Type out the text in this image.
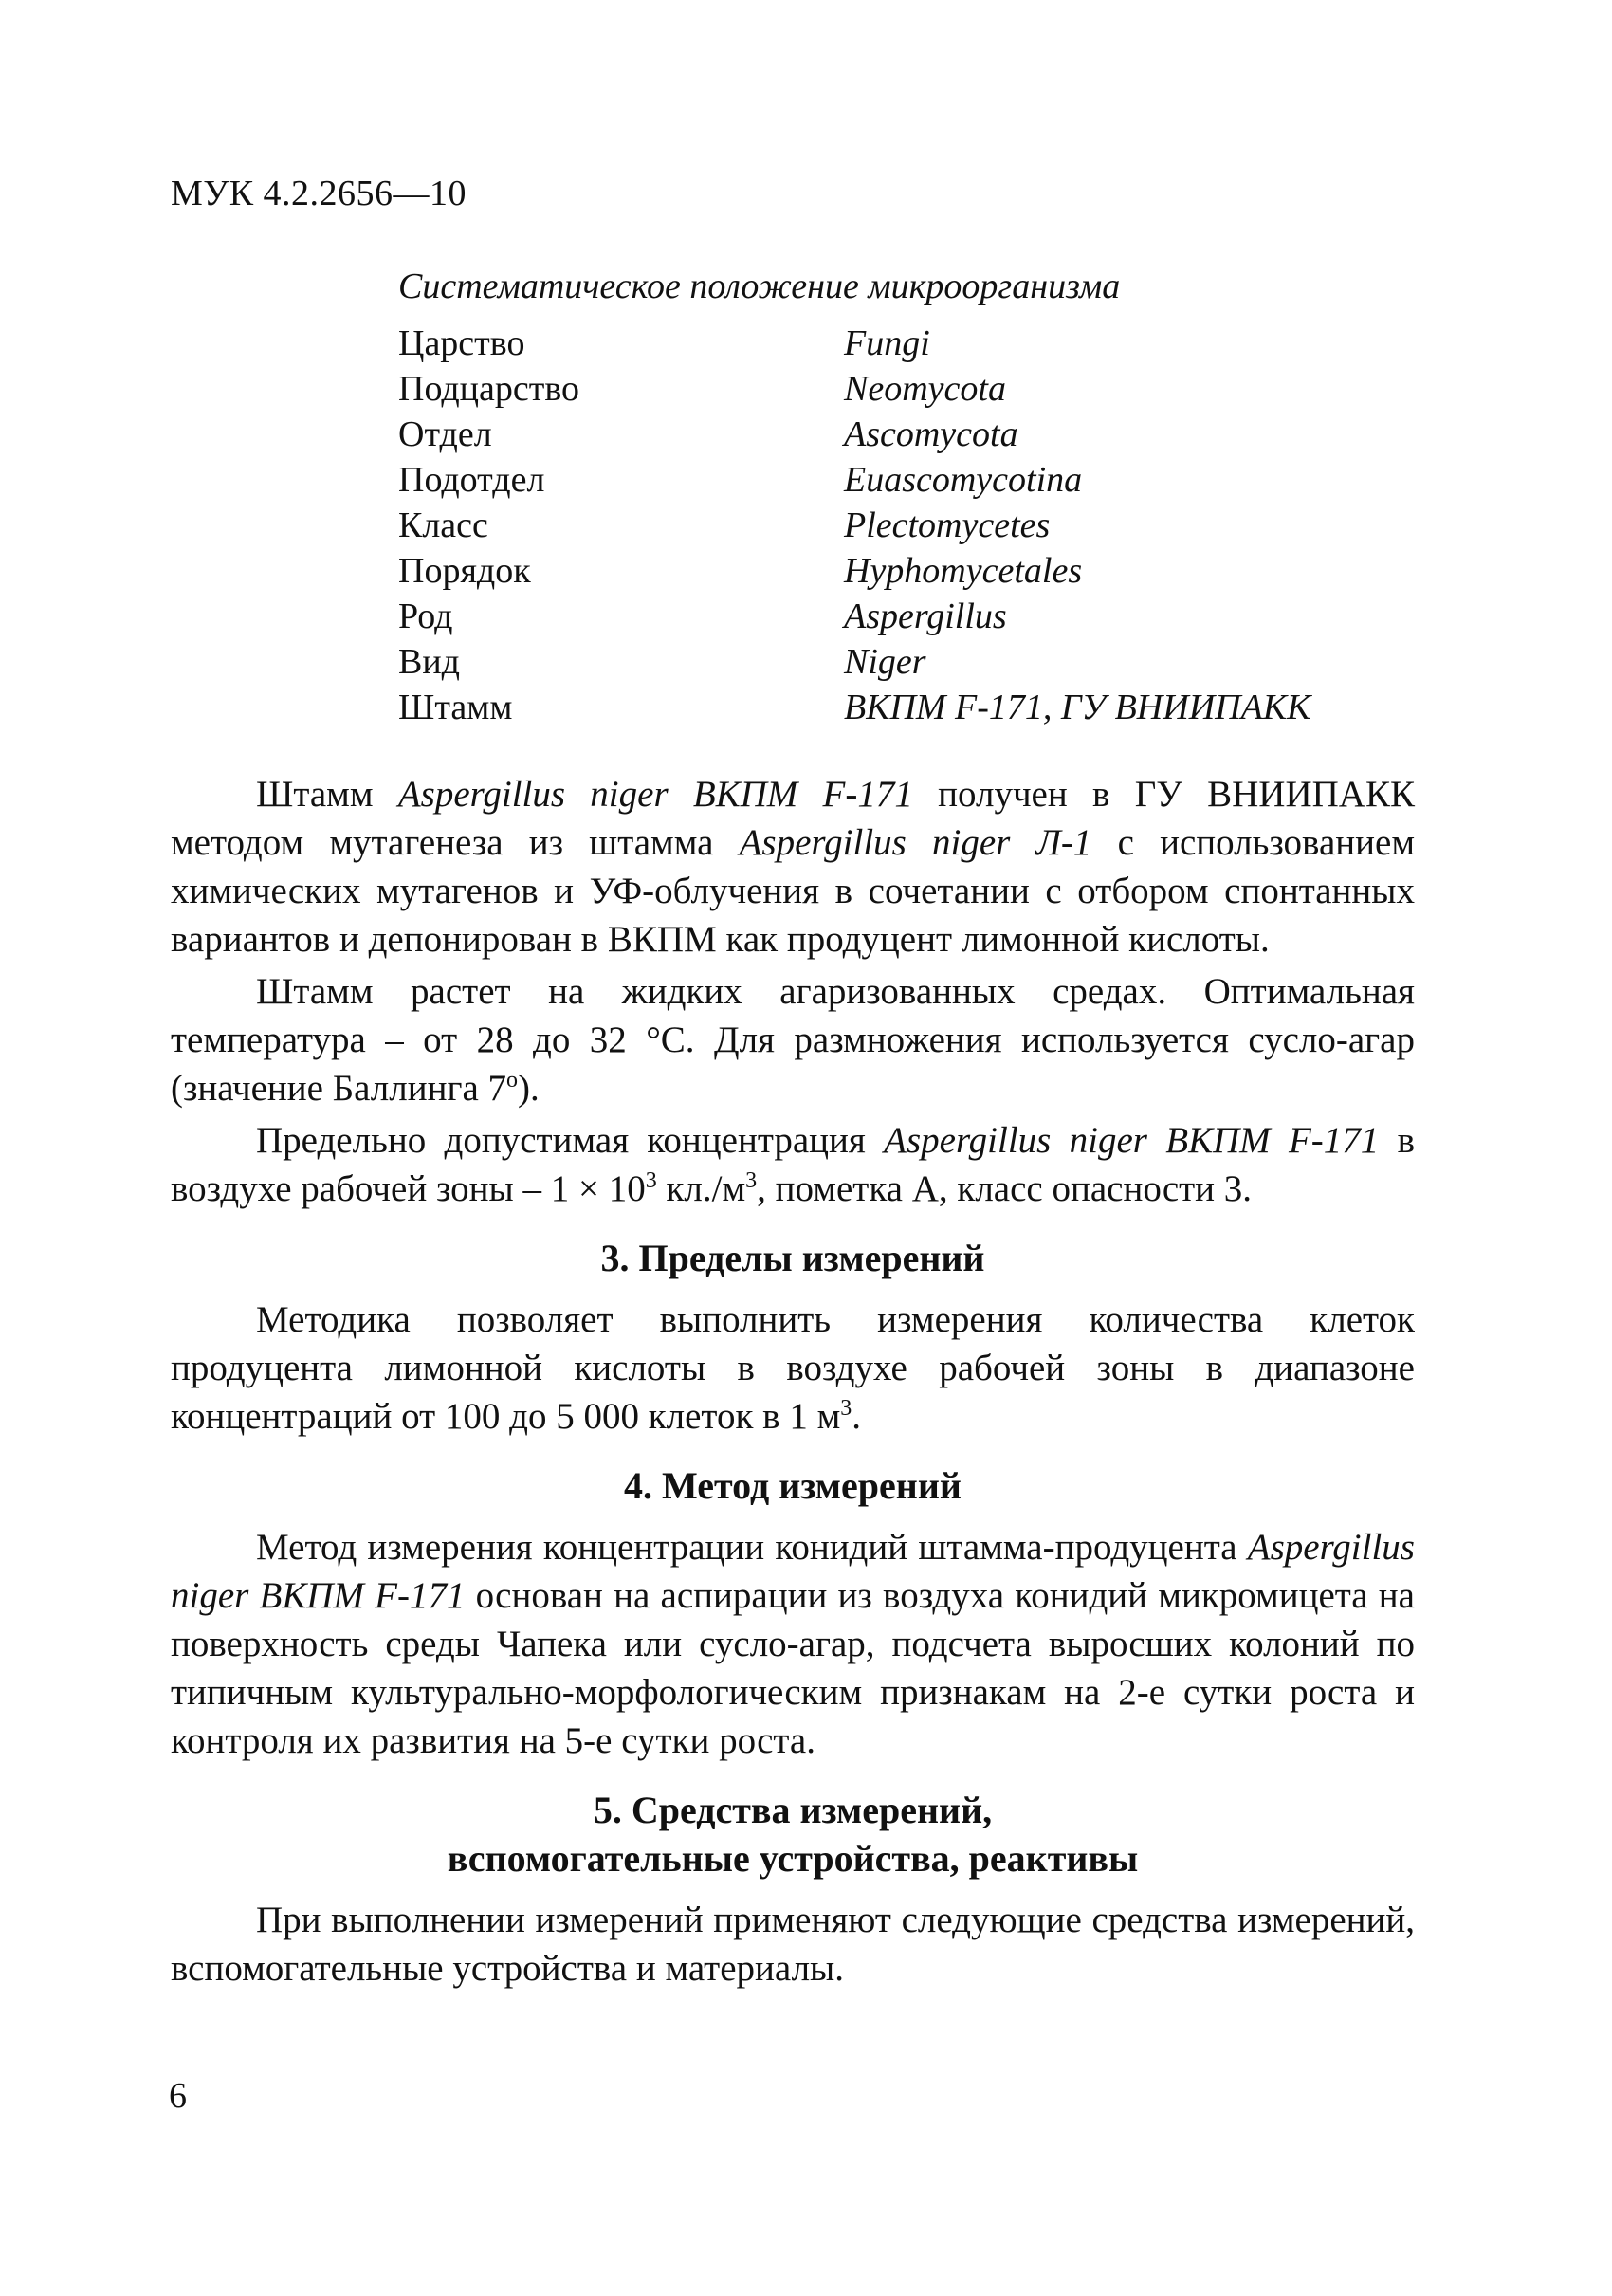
МУК 4.2.2656—10
Систематическое положение микроорганизма
Царство	Fungi
Подцарство	Neomycota
Отдел	Ascomycota
Подотдел	Euascomycotina
Класс	Plectomycetes
Порядок	Hyphomycetales
Род	Aspergillus
Вид	Niger
Штамм	ВКПМ F-171, ГУ ВНИИПАКК

Штамм Aspergillus niger ВКПМ F-171 получен в ГУ ВНИИПАКК методом мутагенеза из штамма Aspergillus niger Л-1 с использованием химических мутагенов и УФ-облучения в сочетании с отбором спонтанных вариантов и депонирован в ВКПМ как продуцент лимонной кислоты.

Штамм растет на жидких агаризованных средах. Оптимальная температура – от 28 до 32 °С. Для размножения используется сусло-агар (значение Баллинга $7^о$).

Предельно допустимая концентрация Aspergillus niger ВКПМ F-171 в воздухе рабочей зоны – $1 \times 10^3$ $кл./м^3$, пометка А, класс опасности 3.

3. Пределы измерений

Методика позволяет выполнить измерения количества клеток продуцента лимонной кислоты в воздухе рабочей зоны в диапазоне концентраций от 100 до 5 000 клеток в 1 $м^3$.

4. Метод измерений

Метод измерения концентрации конидий штамма-продуцента Aspergillus niger ВКПМ F-171 основан на аспирации из воздуха конидий микромицета на поверхность среды Чапека или сусло-агар, подсчета выросших колоний по типичным культурально-морфологическим признакам на 2-е сутки роста и контроля их развития на 5-е сутки роста.

5. Средства измерений,
вспомогательные устройства, реактивы

При выполнении измерений применяют следующие средства измерений, вспомогательные устройства и материалы.

6
